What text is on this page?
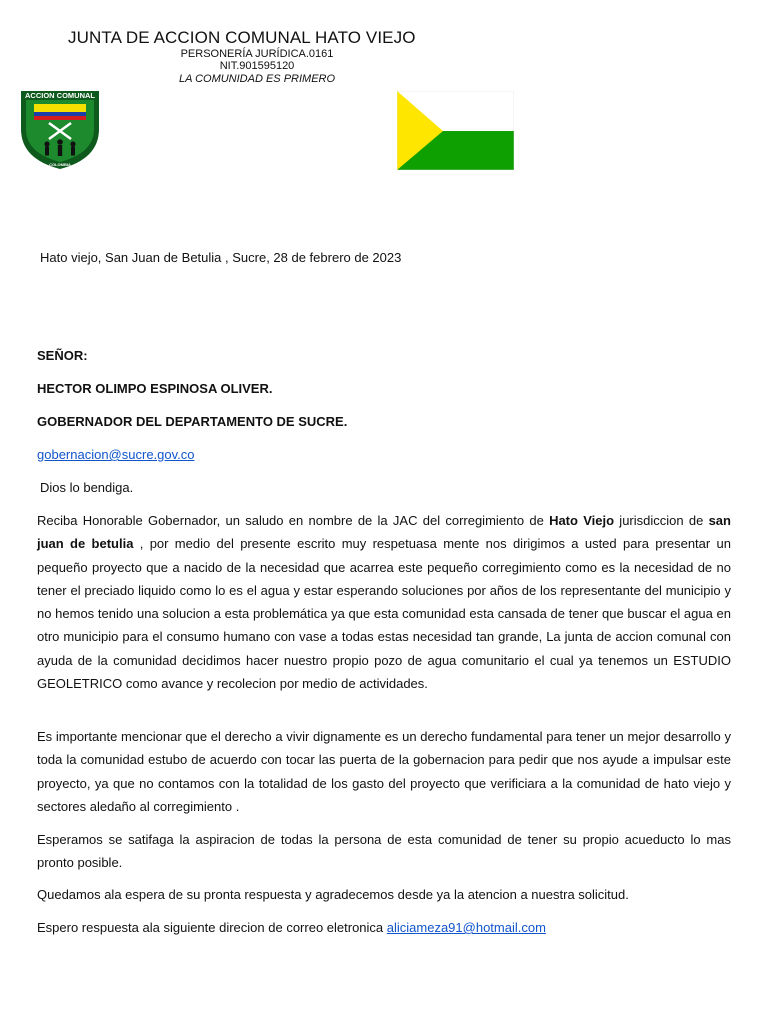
JUNTA DE ACCION COMUNAL HATO VIEJO
PERSONERÍA JURÍDICA.0161
NIT.901595120
LA COMUNIDAD ES PRIMERO
ACCION COMUNAL
COLOMBIA
Hato viejo, San Juan de Betulia , Sucre, 28 de febrero de 2023
SEÑOR:
HECTOR OLIMPO ESPINOSA OLIVER.
GOBERNADOR DEL DEPARTAMENTO DE SUCRE.
gobernacion@sucre.gov.co
Dios lo bendiga.

Reciba Honorable Gobernador, un saludo en nombre de la JAC del corregimiento de Hato Viejo jurisdiccion de san juan de betulia , por medio del presente escrito muy respetuasa mente nos dirigimos a usted para presentar un pequeño proyecto que a nacido de la necesidad que acarrea este pequeño corregimiento como es la necesidad de no tener el preciado liquido como lo es el agua y estar esperando soluciones por años de los representante del municipio y no hemos tenido una solucion a esta problemática ya que esta comunidad esta cansada de tener que buscar el agua en otro municipio para el consumo humano con vase a todas estas necesidad tan grande, La junta de accion comunal con ayuda de la comunidad decidimos hacer nuestro propio pozo de agua comunitario el cual ya tenemos un ESTUDIO GEOLETRICO como avance y recolecion por medio de actividades.

Es importante mencionar que el derecho a vivir dignamente es un derecho fundamental para tener un mejor desarrollo y toda la comunidad estubo de acuerdo con tocar las puerta de la gobernacion para pedir que nos ayude a impulsar este proyecto, ya que no contamos con la totalidad de los gasto del proyecto que verificiara a la comunidad de hato viejo y sectores aledaño al corregimiento .

Esperamos se satifaga la aspiracion de todas la persona de esta comunidad de tener su propio acueducto lo mas pronto posible.

Quedamos ala espera de su pronta respuesta y agradecemos desde ya la atencion a nuestra solicitud.

Espero respuesta ala siguiente direcion de correo eletronica aliciameza91@hotmail.com
